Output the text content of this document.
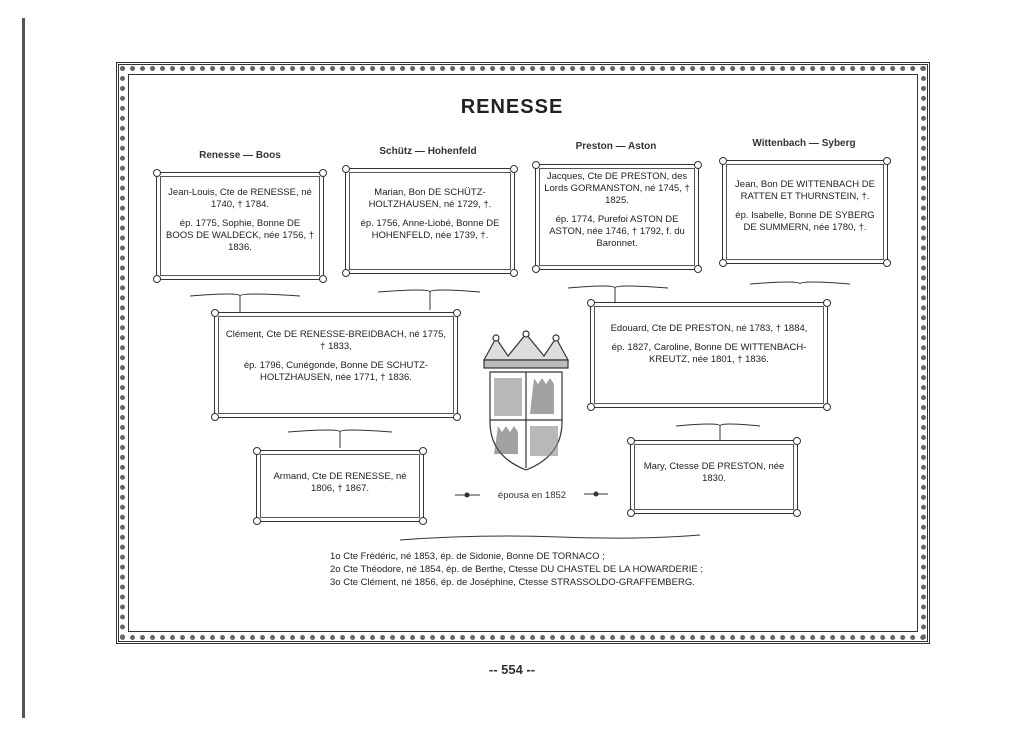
RENESSE
Renesse — Boos	Schütz — Hohenfeld	Preston — Aston	Wittenbach — Syberg

Jean-Louis, Cte de RENESSE, né 1740, † 1784.

ép. 1775, Sophie, Bonne DE BOOS DE WALDECK, née 1756, † 1836.

Marian, Bon DE SCHÜTZ-HOLTZHAUSEN, né 1729, †.

ép. 1756, Anne-Liobé, Bonne DE HOHENFELD, née 1739, †.

Jacques, Cte DE PRESTON, des Lords GORMANSTON, né 1745, † 1825.

ép. 1774, Purefoi ASTON DE ASTON, née 1746, † 1792, f. du Baronnet.

Jean, Bon DE WITTENBACH DE RATTEN ET THURNSTEIN, †.

ép. Isabelle, Bonne DE SYBERG DE SUMMERN, née 1780, †.

Clément, Cte DE RENESSE-BREIDBACH, né 1775, † 1833,

ép. 1796, Cunégonde, Bonne DE SCHUTZ-HOLTZHAUSEN, née 1771, † 1836.

Edouard, Cte DE PRESTON, né 1783, † 1884,

ép. 1827, Caroline, Bonne DE WITTENBACH-KREUTZ, née 1801, † 1836.

Armand, Cte DE RENESSE, né 1806, † 1867.

Mary, Ctesse DE PRESTON, née 1830.

épousa en 1852
1o Cte Frédéric, né 1853, ép. de Sidonie, Bonne DE TORNACO ;
2o Cte Théodore, né 1854, ép. de Berthe, Ctesse DU CHASTEL DE LA HOWARDERIE ;
3o Cte Clément, né 1856, ép. de Joséphine, Ctesse STRASSOLDO-GRAFFEMBERG.
-- 554 --
